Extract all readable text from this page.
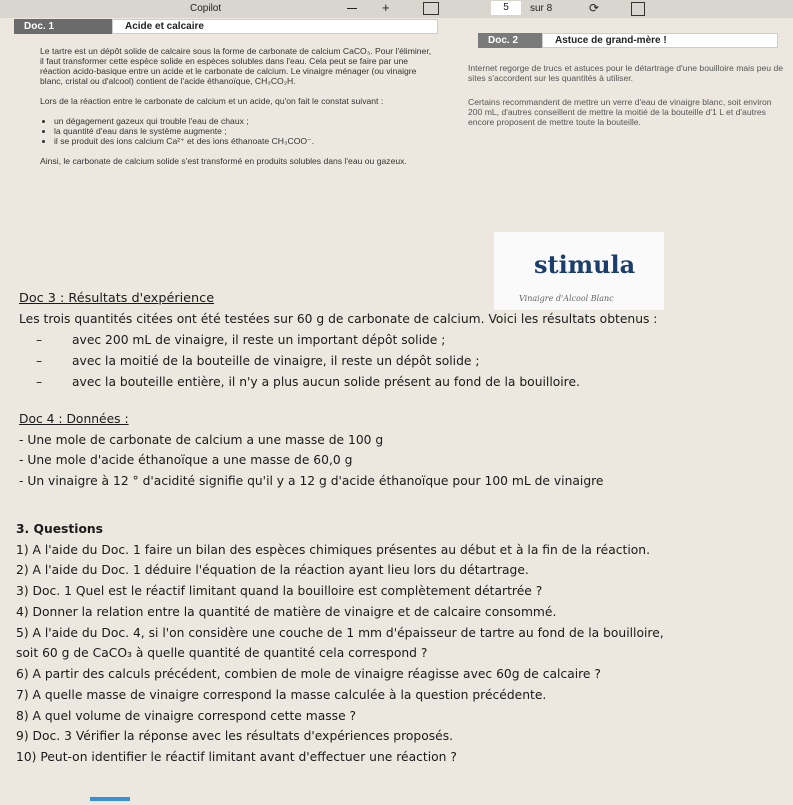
Copilot	— +	5	sur 8	⟳
Doc. 1	Acide et calcaire
Le tartre est un dépôt solide de calcaire sous la forme de carbonate de calcium CaCO₃. Pour l'éliminer, il faut transformer cette espèce solide en espèces solubles dans l'eau. Cela peut se faire par une réaction acido-basique entre un acide et le carbonate de calcium. Le vinaigre ménager (ou vinaigre blanc, cristal ou d'alcool) contient de l'acide éthanoïque, CH₃CO₂H.
Lors de la réaction entre le carbonate de calcium et un acide, qu'on fait le constat suivant :
• un dégagement gazeux qui trouble l'eau de chaux ;
• la quantité d'eau dans le système augmente ;
• il se produit des ions calcium Ca²⁺ et des ions éthanoate CH₃COO⁻.
Ainsi, le carbonate de calcium solide s'est transformé en produits solubles dans l'eau ou gazeux.
Doc. 2	Astuce de grand-mère !
Internet regorge de trucs et astuces pour le détartrage d'une bouilloire mais peu de sites s'accordent sur les quantités à utiliser.
Certains recommandent de mettre un verre d'eau de vinaigre blanc, soit environ 200 mL, d'autres conseillent de mettre la moitié de la bouteille d'1 L et d'autres encore proposent de mettre toute la bouteille.
stimula
Vinaigre d'Alcool Blanc
Doc 3 : Résultats d'expérience
Les trois quantités citées ont été testées sur 60 g de carbonate de calcium. Voici les résultats obtenus :
– avec 200 mL de vinaigre, il reste un important dépôt solide ;
– avec la moitié de la bouteille de vinaigre, il reste un dépôt solide ;
– avec la bouteille entière, il n'y a plus aucun solide présent au fond de la bouilloire.
Doc 4 : Données :
- Une mole de carbonate de calcium a une masse de 100 g
- Une mole d'acide éthanoïque a une masse de 60,0 g
- Un vinaigre à 12 ° d'acidité signifie qu'il y a 12 g d'acide éthanoïque pour 100 mL de vinaigre
3. Questions
1) A l'aide du Doc. 1 faire un bilan des espèces chimiques présentes au début et à la fin de la réaction.
2) A l'aide du Doc. 1 déduire l'équation de la réaction ayant lieu lors du détartrage.
3) Doc. 1 Quel est le réactif limitant quand la bouilloire est complètement détartrée ?
4) Donner la relation entre la quantité de matière de vinaigre et de calcaire consommé.
5) A l'aide du Doc. 4, si l'on considère une couche de 1 mm d'épaisseur de tartre au fond de la bouilloire,
soit 60 g de CaCO₃ à quelle quantité de quantité cela correspond ?
6) A partir des calculs précédent, combien de mole de vinaigre réagisse avec 60g de calcaire ?
7) A quelle masse de vinaigre correspond la masse calculée à la question précédente.
8) A quel volume de vinaigre correspond cette masse ?
9) Doc. 3 Vérifier la réponse avec les résultats d'expériences proposés.
10) Peut-on identifier le réactif limitant avant d'effectuer une réaction ?
